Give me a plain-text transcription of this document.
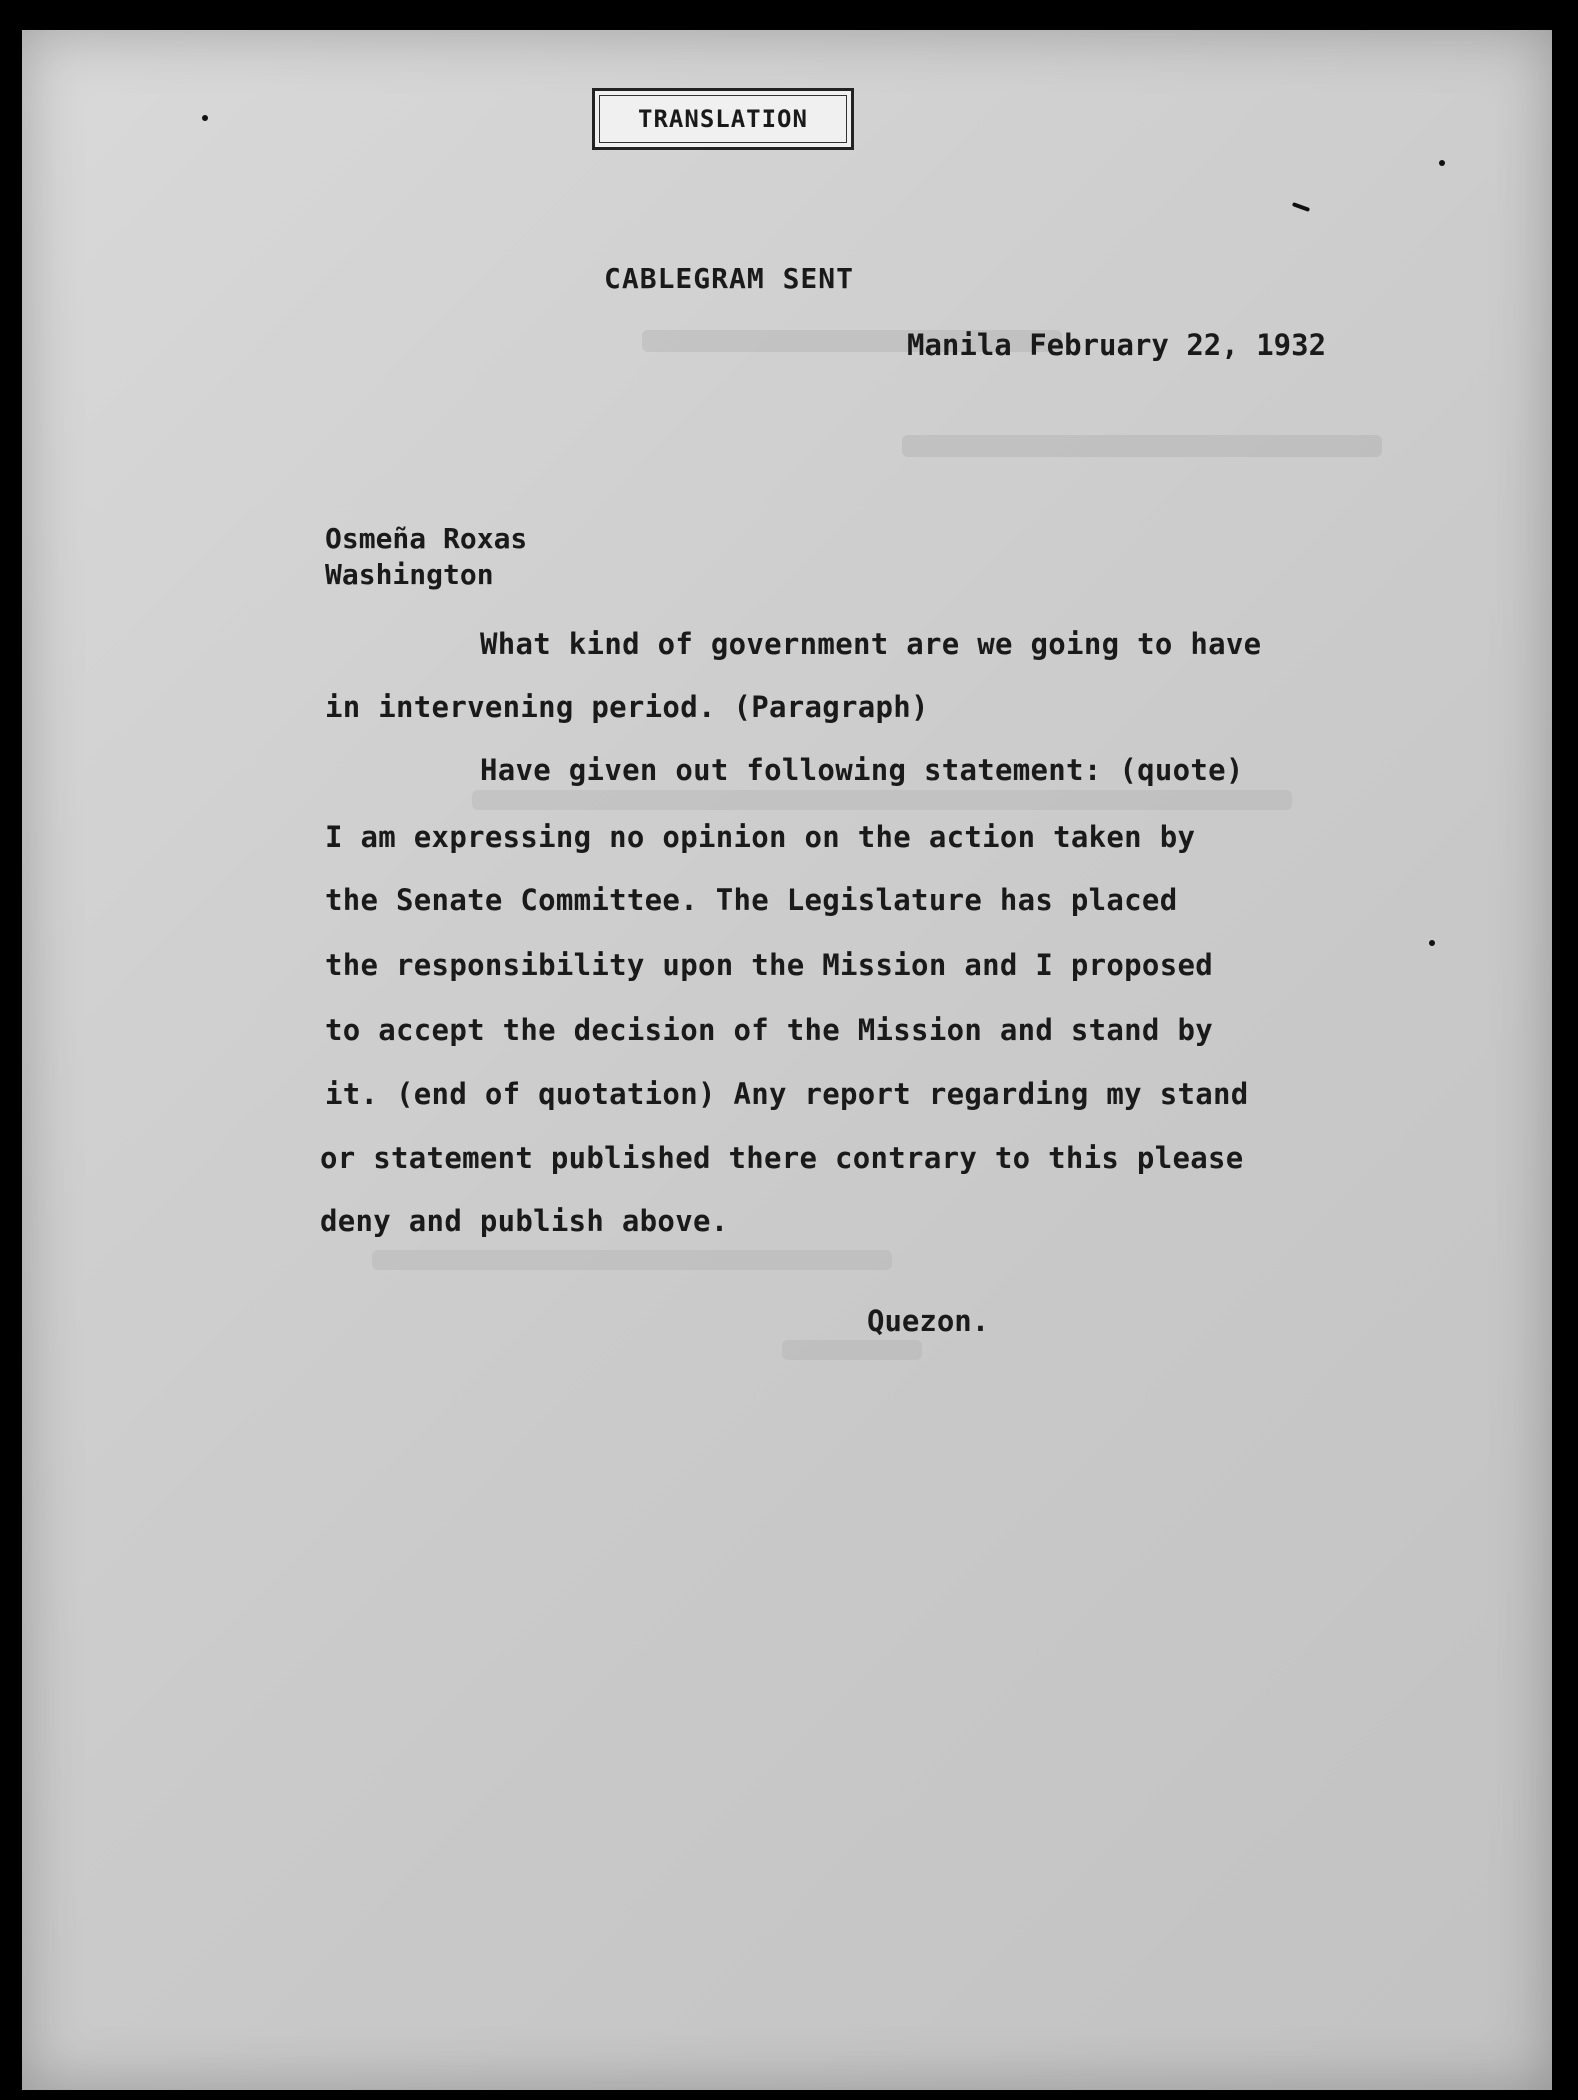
TRANSLATION
CABLEGRAM SENT
Manila February 22, 1932
Osmeña Roxas
Washington
What kind of government are we going to have
in intervening period. (Paragraph)
Have given out following statement: (quote)
I am expressing no opinion on the action taken by
the Senate Committee. The Legislature has placed
the responsibility upon the Mission and I proposed
to accept the decision of the Mission and stand by
it. (end of quotation) Any report regarding my stand
or statement published there contrary to this please
deny and publish above.
Quezon.
